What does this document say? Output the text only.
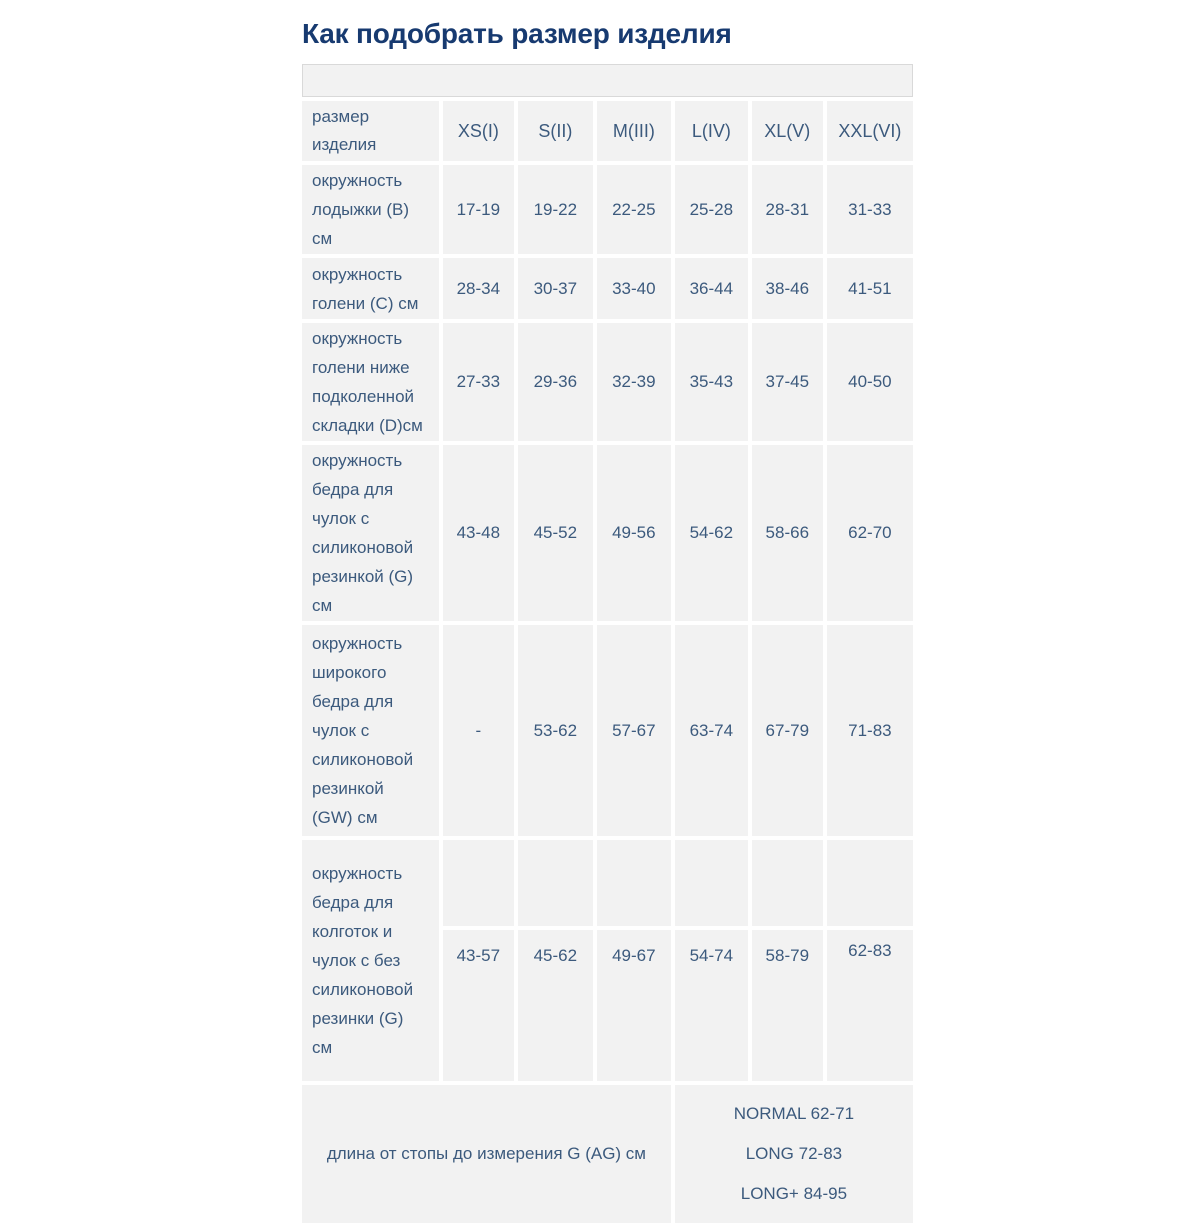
Как подобрать размер изделия

размер
изделия	XS(I)	S(II)	M(III)	L(IV)	XL(V)	XXL(VI)
окружность
лодыжки (B)
см	17-19	19-22	22-25	25-28	28-31	31-33
окружность
голени (C) см	28-34	30-37	33-40	36-44	38-46	41-51
окружность
голени ниже
подколенной
складки (D)см	27-33	29-36	32-39	35-43	37-45	40-50
окружность
бедра для
чулок с
силиконовой
резинкой (G)
см	43-48	45-52	49-56	54-62	58-66	62-70
окружность
широкого
бедра для
чулок с
силиконовой
резинкой
(GW) см	-	53-62	57-67	63-74	67-79	71-83
окружность
бедра для
колготок и
чулок с без
силиконовой
резинки (G)
см						
	43-57	45-62	49-67	54-74	58-79	62-83
длина от стопы до измерения G (AG) см				NORMAL 62-71
LONG 72-83
LONG+ 84-95		
